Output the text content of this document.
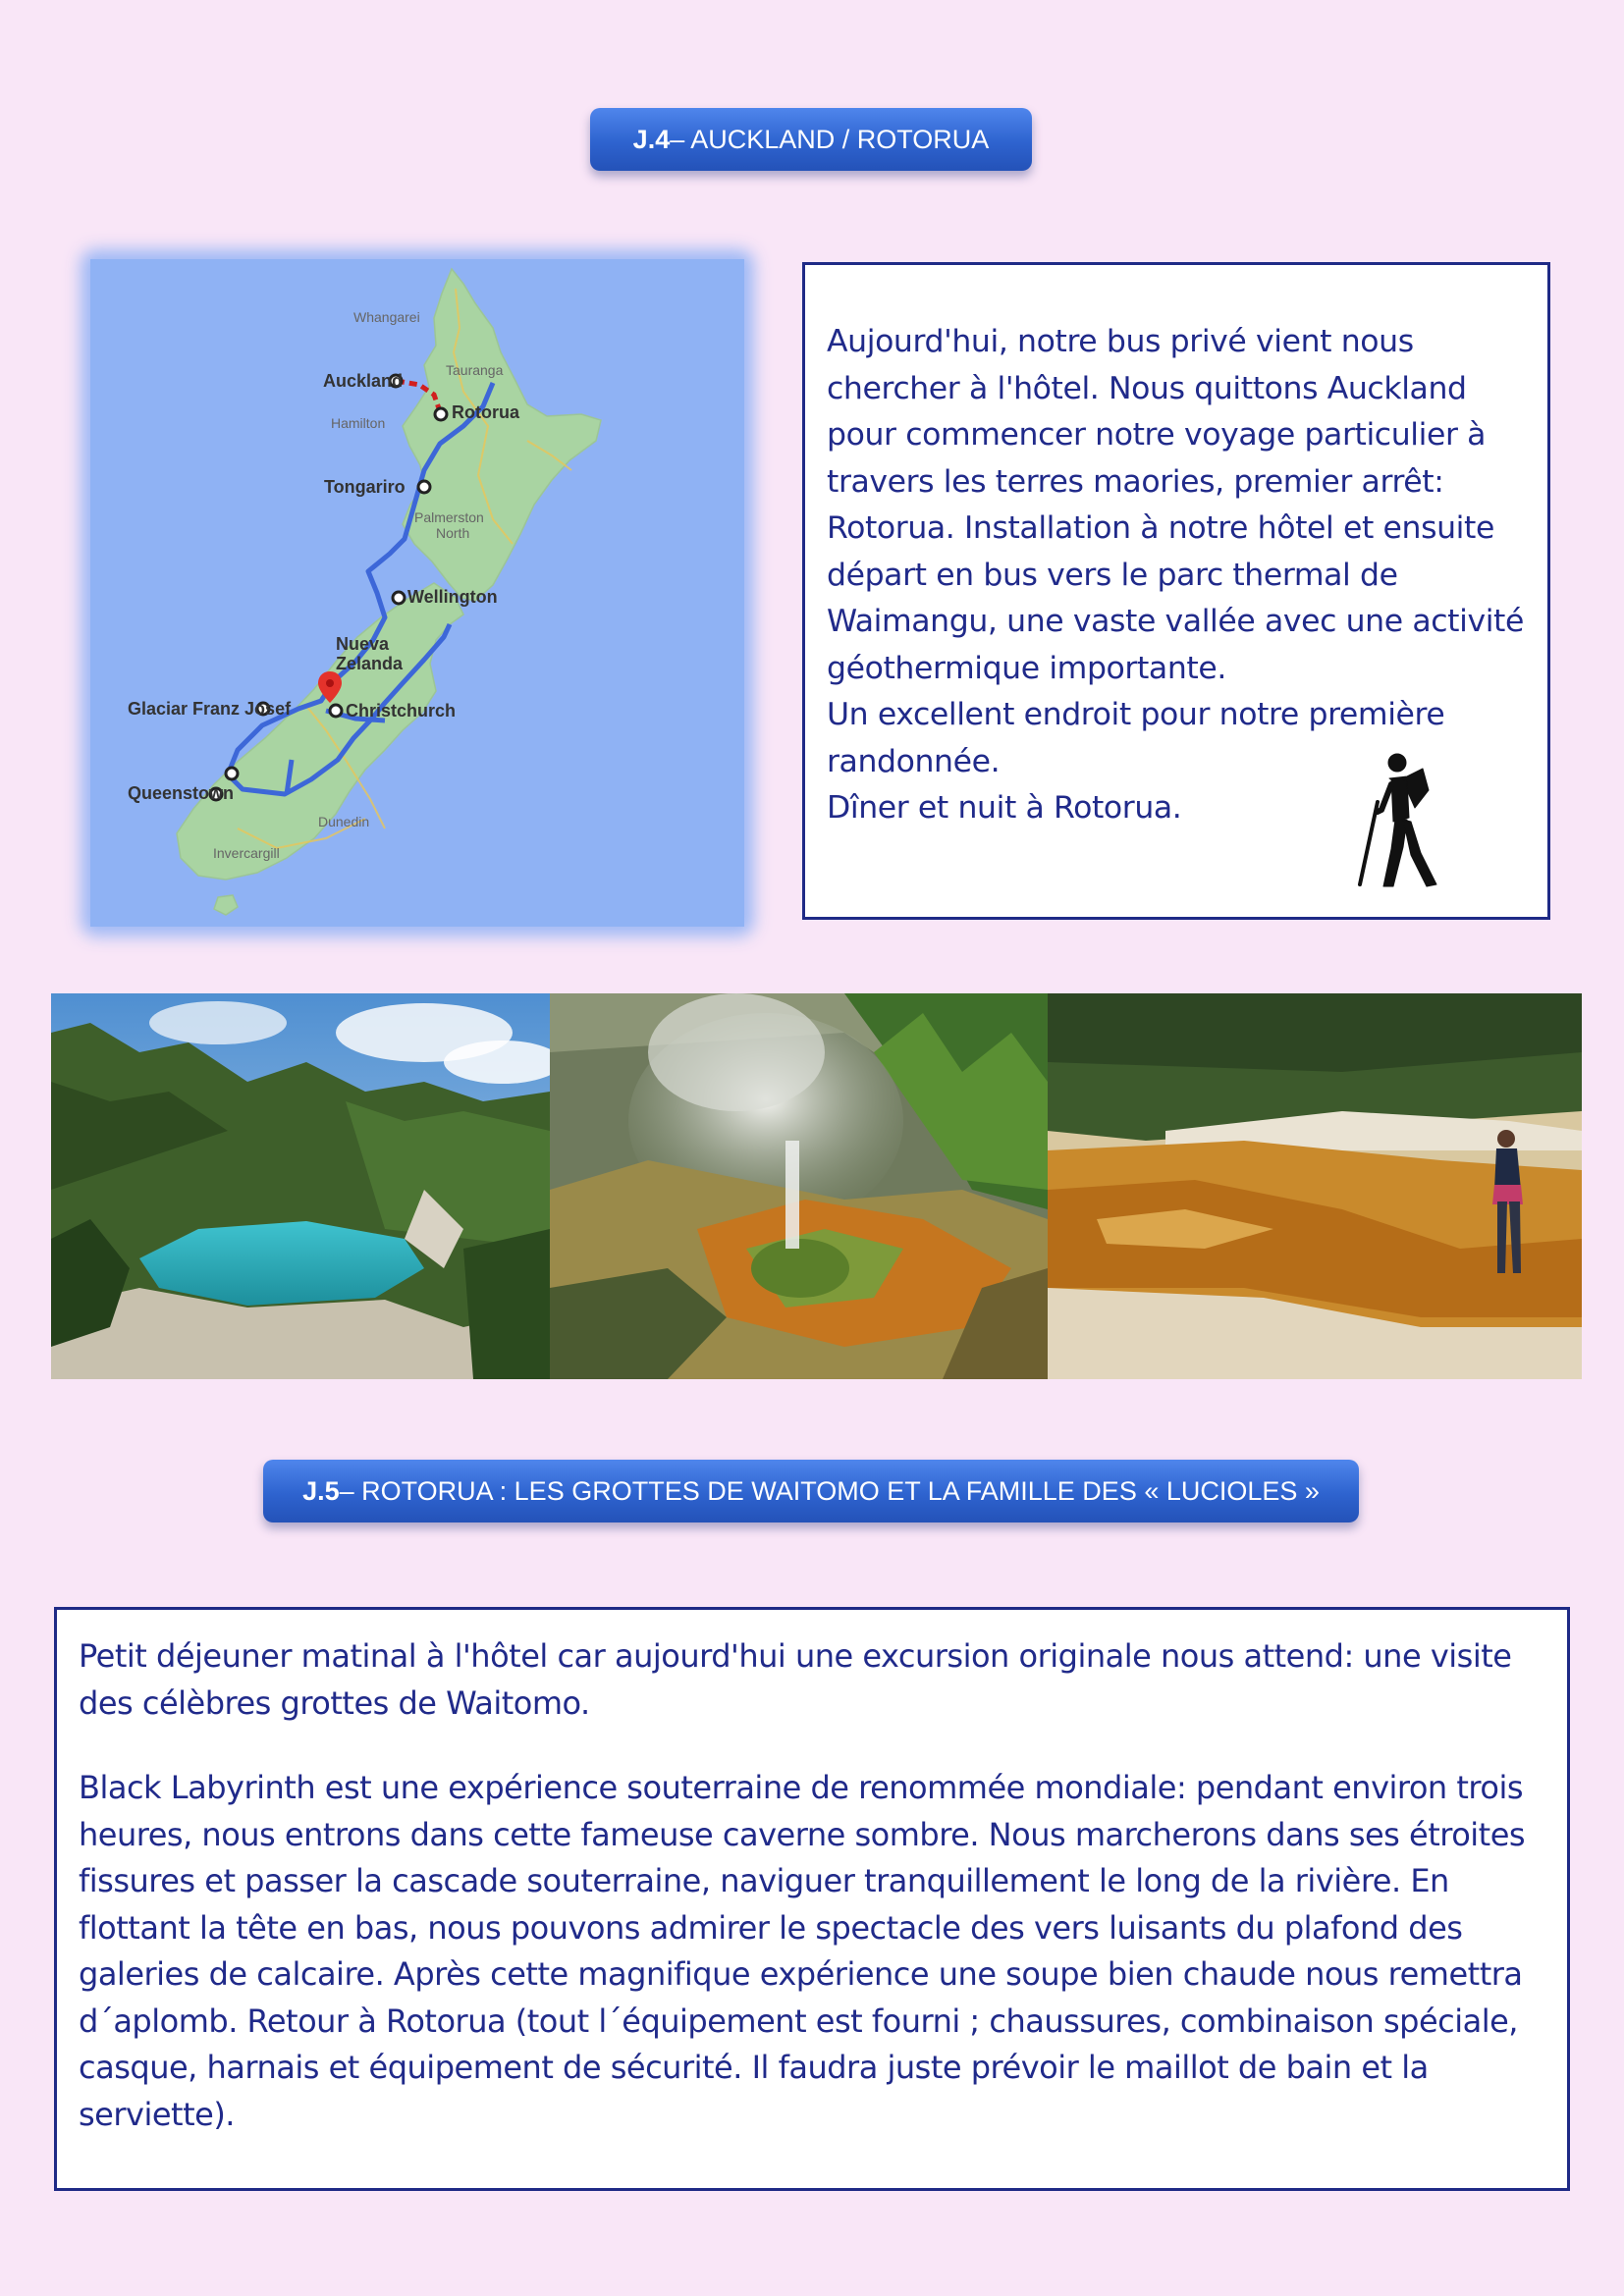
J.4 – AUCKLAND / ROTORUA
Whangarei
Tauranga
Hamilton
Palmerston
North
Dunedin
Invercargill
Auckland
Rotorua
Tongariro
Wellington
Nueva
Zelanda
Glaciar Franz Josef	Christchurch
Queenstown

Aujourd'hui, notre bus privé vient nous chercher à l'hôtel. Nous quittons Auckland pour commencer notre voyage particulier à travers les terres maories, premier arrêt: Rotorua. Installation à notre hôtel et ensuite départ en bus vers le parc thermal de Waimangu, une vaste vallée avec une activité géothermique importante.

Un excellent endroit pour notre première randonnée.

Dîner et nuit à Rotorua.

J.5 – ROTORUA : LES GROTTES DE WAITOMO ET LA FAMILLE DES « LUCIOLES »

Petit déjeuner matinal à l'hôtel car aujourd'hui une excursion originale nous attend: une visite des célèbres grottes de Waitomo.

Black Labyrinth est une expérience souterraine de renommée mondiale: pendant environ trois heures, nous entrons dans cette fameuse caverne sombre. Nous marcherons dans ses étroites fissures et passer la cascade souterraine, naviguer tranquillement le long de la rivière. En flottant la tête en bas, nous pouvons admirer le spectacle des vers luisants du plafond des galeries de calcaire. Après cette magnifique expérience une soupe bien chaude nous remettra d´aplomb. Retour à Rotorua (tout l´équipement est fourni ; chaussures, combinaison spéciale, casque, harnais et équipement de sécurité. Il faudra juste prévoir le maillot de bain et la serviette).
